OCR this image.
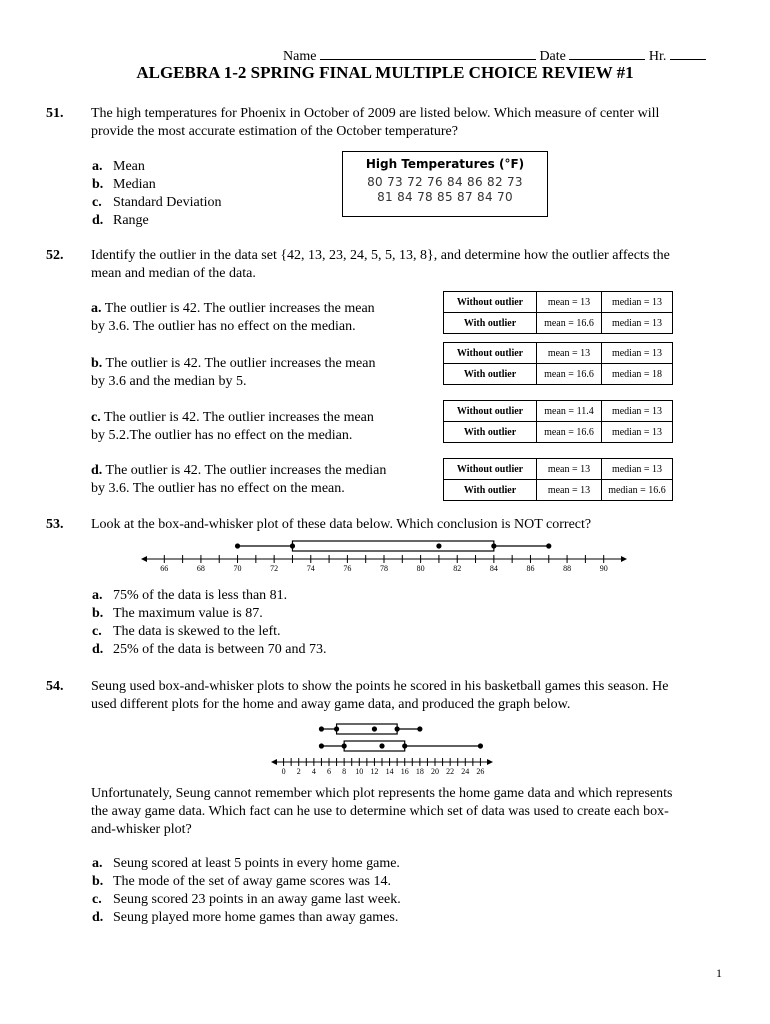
Name	Date	Hr.
ALGEBRA 1-2 SPRING FINAL MULTIPLE CHOICE REVIEW #1
51. The high temperatures for Phoenix in October of 2009 are listed below. Which measure of center will
provide the most accurate estimation of the October temperature?
a. Mean
b. Median
c. Standard Deviation
d. Range
High Temperatures (°F)
80 73 72 76 84 86 82 73
81 84 78 85 87 84 70
52. Identify the outlier in the data set {42, 13, 23, 24, 5, 5, 13, 8}, and determine how the outlier affects the
mean and median of the data.
a. The outlier is 42. The outlier increases the mean
by 3.6. The outlier has no effect on the median.
Without outlier	mean = 13	median = 13
With outlier	mean = 16.6	median = 13
b. The outlier is 42. The outlier increases the mean
by 3.6 and the median by 5.
Without outlier	mean = 13	median = 13
With outlier	mean = 16.6	median = 18
c. The outlier is 42. The outlier increases the mean
by 5.2.The outlier has no effect on the median.
Without outlier	mean = 11.4	median = 13
With outlier	mean = 16.6	median = 13
d. The outlier is 42. The outlier increases the median
by 3.6. The outlier has no effect on the mean.
Without outlier	mean = 13	median = 13
With outlier	mean = 13	median = 16.6
53. Look at the box-and-whisker plot of these data below. Which conclusion is NOT correct?
66	68	70	72	74	76	78	80	82	84	86	88	90
a. 75% of the data is less than 81.
b. The maximum value is 87.
c. The data is skewed to the left.
d. 25% of the data is between 70 and 73.
54. Seung used box-and-whisker plots to show the points he scored in his basketball games this season. He
used different plots for the home and away game data, and produced the graph below.
0 2 4 6 8 10 12 14 16 18 20 22 24 26
Unfortunately, Seung cannot remember which plot represents the home game data and which represents
the away game data. Which fact can he use to determine which set of data was used to create each box-
and-whisker plot?
a. Seung scored at least 5 points in every home game.
b. The mode of the set of away game scores was 14.
c. Seung scored 23 points in an away game last week.
d. Seung played more home games than away games.
1
